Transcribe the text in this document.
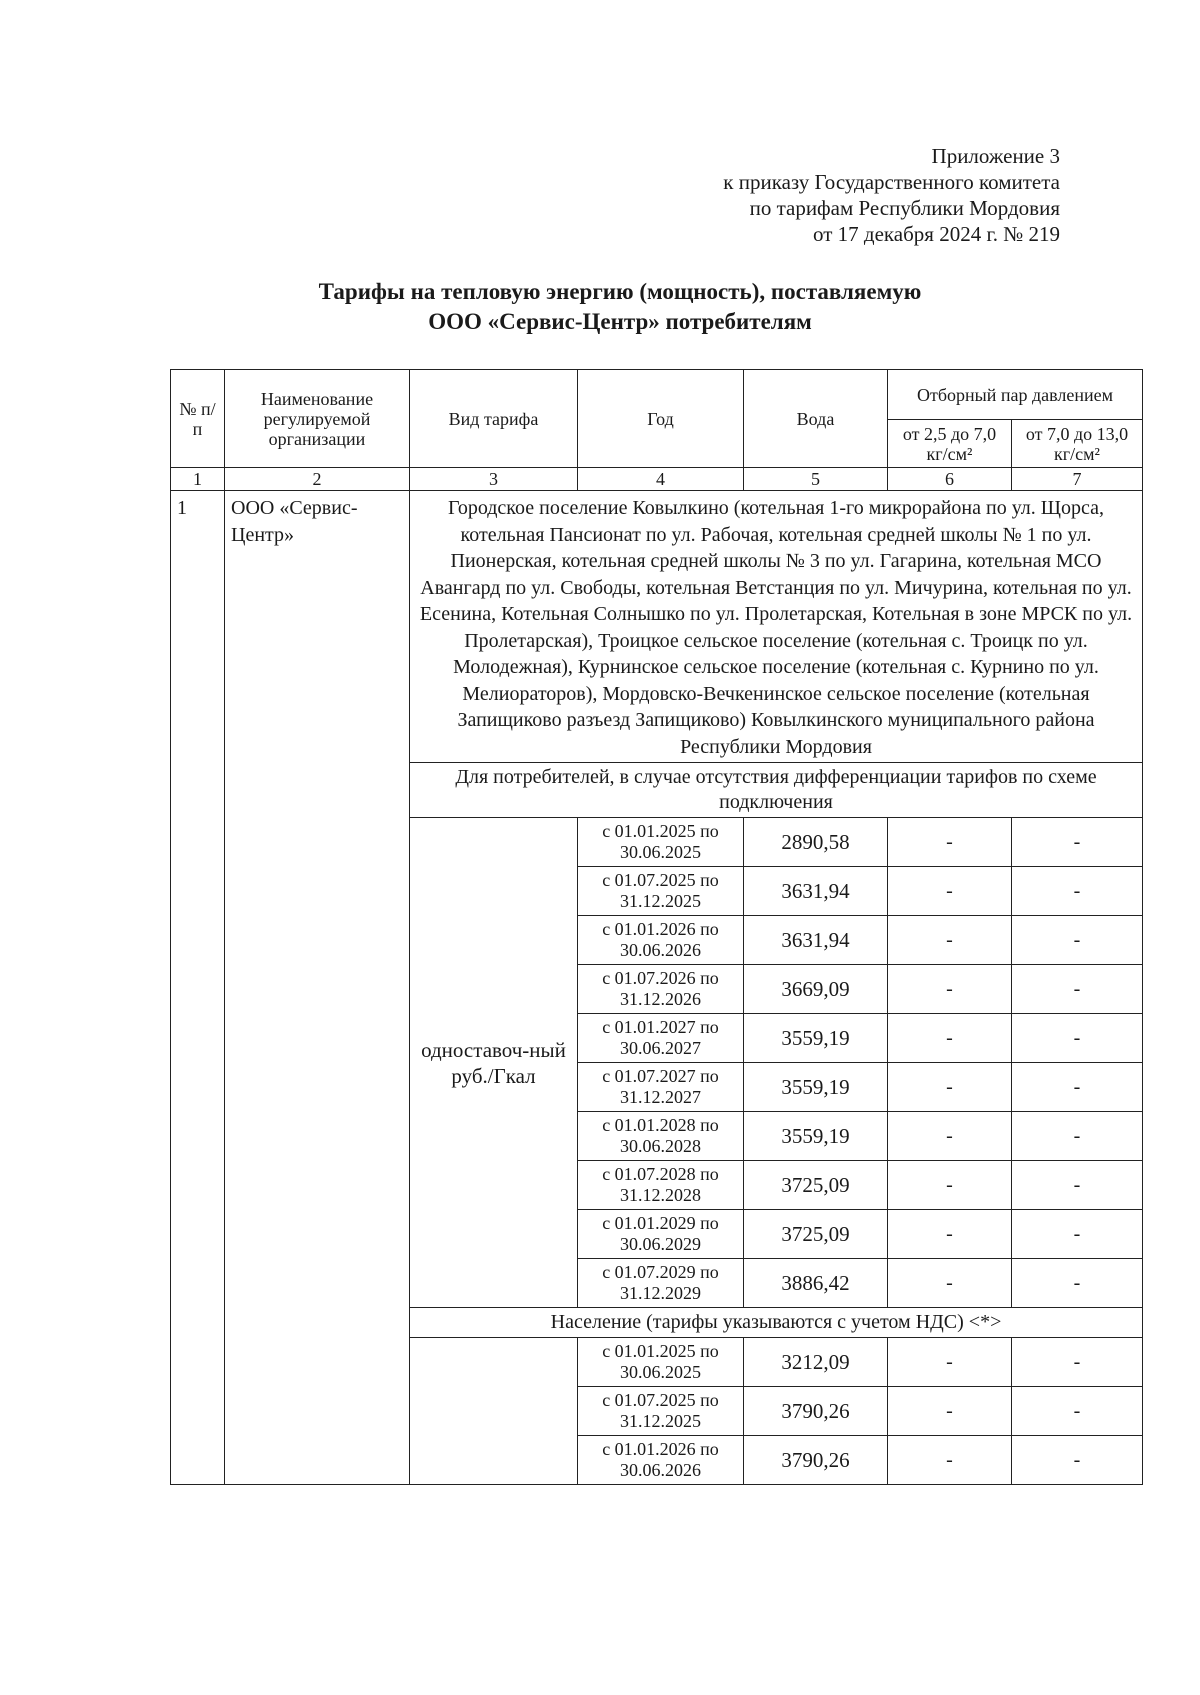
Приложение 3
к приказу Государственного комитета
по тарифам Республики Мордовия
от 17 декабря 2024 г. № 219
Тарифы на тепловую энергию (мощность), поставляемую
ООО «Сервис-Центр» потребителям
№ п/п	Наименование регулируемой организации	Вид тарифа	Год	Вода	Отборный пар давлением	
					от 2,5 до 7,0 кг/см²	от 7,0 до 13,0 кг/см²
1	2	3	4	5	6	7
1	ООО «Сервис-Центр»	Городское поселение Ковылкино (котельная 1-го микрорайона по ул. Щорса, котельная Пансионат по ул. Рабочая, котельная средней школы № 1 по ул. Пионерская, котельная средней школы № 3 по ул. Гагарина, котельная МСО Авангард по ул. Свободы, котельная Ветстанция по ул. Мичурина, котельная по ул. Есенина, Котельная Солнышко по ул. Пролетарская, Котельная в зоне МРСК по ул. Пролетарская), Троицкое сельское поселение (котельная с. Троицк по ул. Молодежная), Курнинское сельское поселение (котельная с. Курнино по ул. Мелиораторов), Мордовско-Вечкенинское сельское поселение (котельная Запищиково разъезд Запищиково) Ковылкинского муниципального района Республики Мордовия				
		Для потребителей, в случае отсутствия дифференциации тарифов по схеме подключения				
		одноставоч-ный руб./Гкал	с 01.01.2025 по 30.06.2025	2890,58	-	-
			с 01.07.2025 по 31.12.2025	3631,94	-	-
			с 01.01.2026 по 30.06.2026	3631,94	-	-
			с 01.07.2026 по 31.12.2026	3669,09	-	-
			с 01.01.2027 по 30.06.2027	3559,19	-	-
			с 01.07.2027 по 31.12.2027	3559,19	-	-
			с 01.01.2028 по 30.06.2028	3559,19	-	-
			с 01.07.2028 по 31.12.2028	3725,09	-	-
			с 01.01.2029 по 30.06.2029	3725,09	-	-
			с 01.07.2029 по 31.12.2029	3886,42	-	-
		Население (тарифы указываются с учетом НДС) <*>				
			с 01.01.2025 по 30.06.2025	3212,09	-	-
			с 01.07.2025 по 31.12.2025	3790,26	-	-
			с 01.01.2026 по 30.06.2026	3790,26	-	-
